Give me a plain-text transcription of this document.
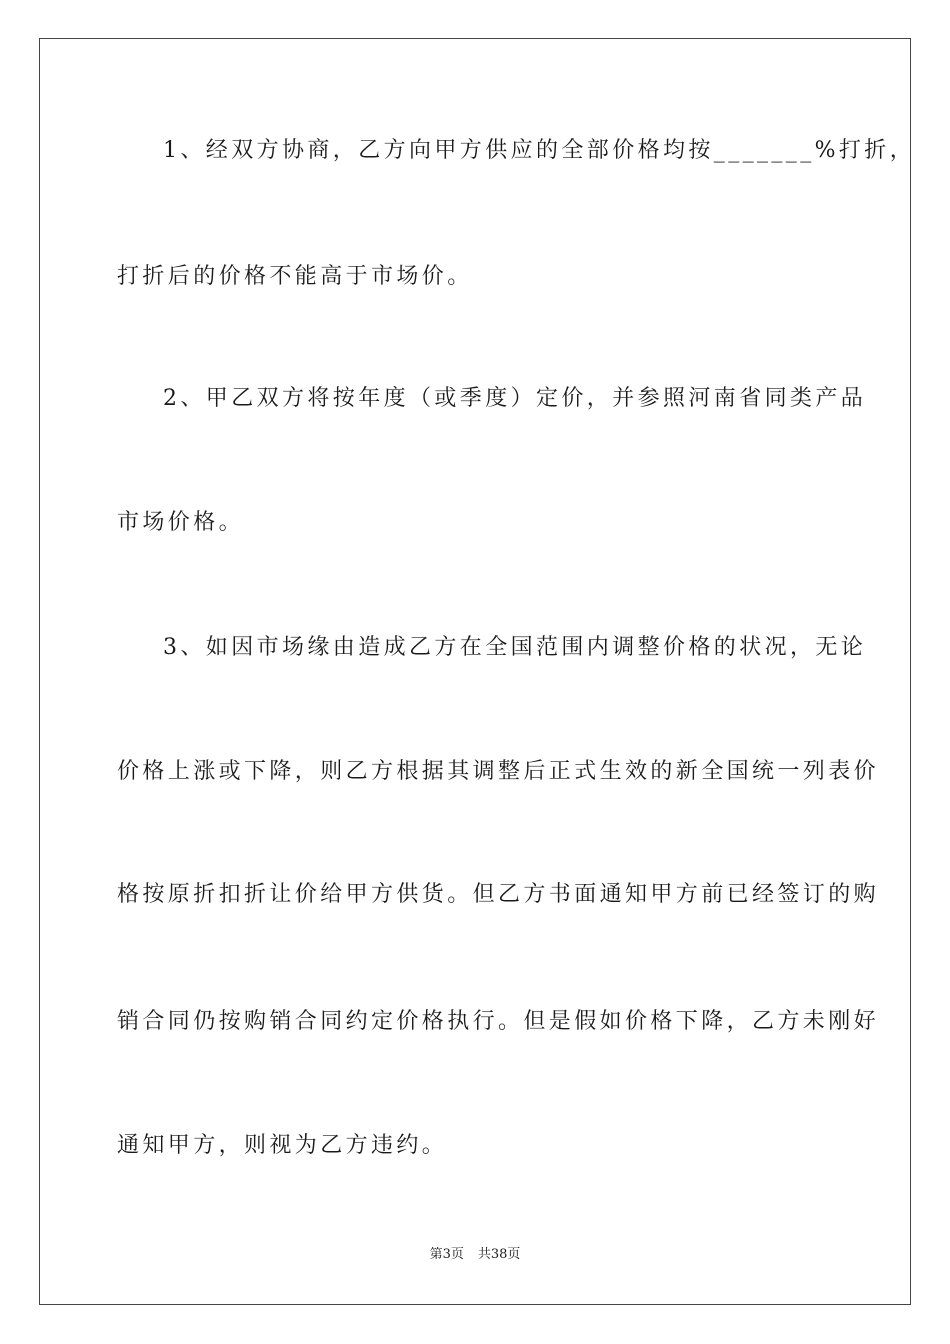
1、经双方协商，乙方向甲方供应的全部价格均按_______%打折，
打折后的价格不能高于市场价。
2、甲乙双方将按年度（或季度）定价，并参照河南省同类产品
市场价格。
3、如因市场缘由造成乙方在全国范围内调整价格的状况，无论
价格上涨或下降，则乙方根据其调整后正式生效的新全国统一列表价
格按原折扣折让价给甲方供货。但乙方书面通知甲方前已经签订的购
销合同仍按购销合同约定价格执行。但是假如价格下降，乙方未刚好
通知甲方，则视为乙方违约。
第3页 共38页
